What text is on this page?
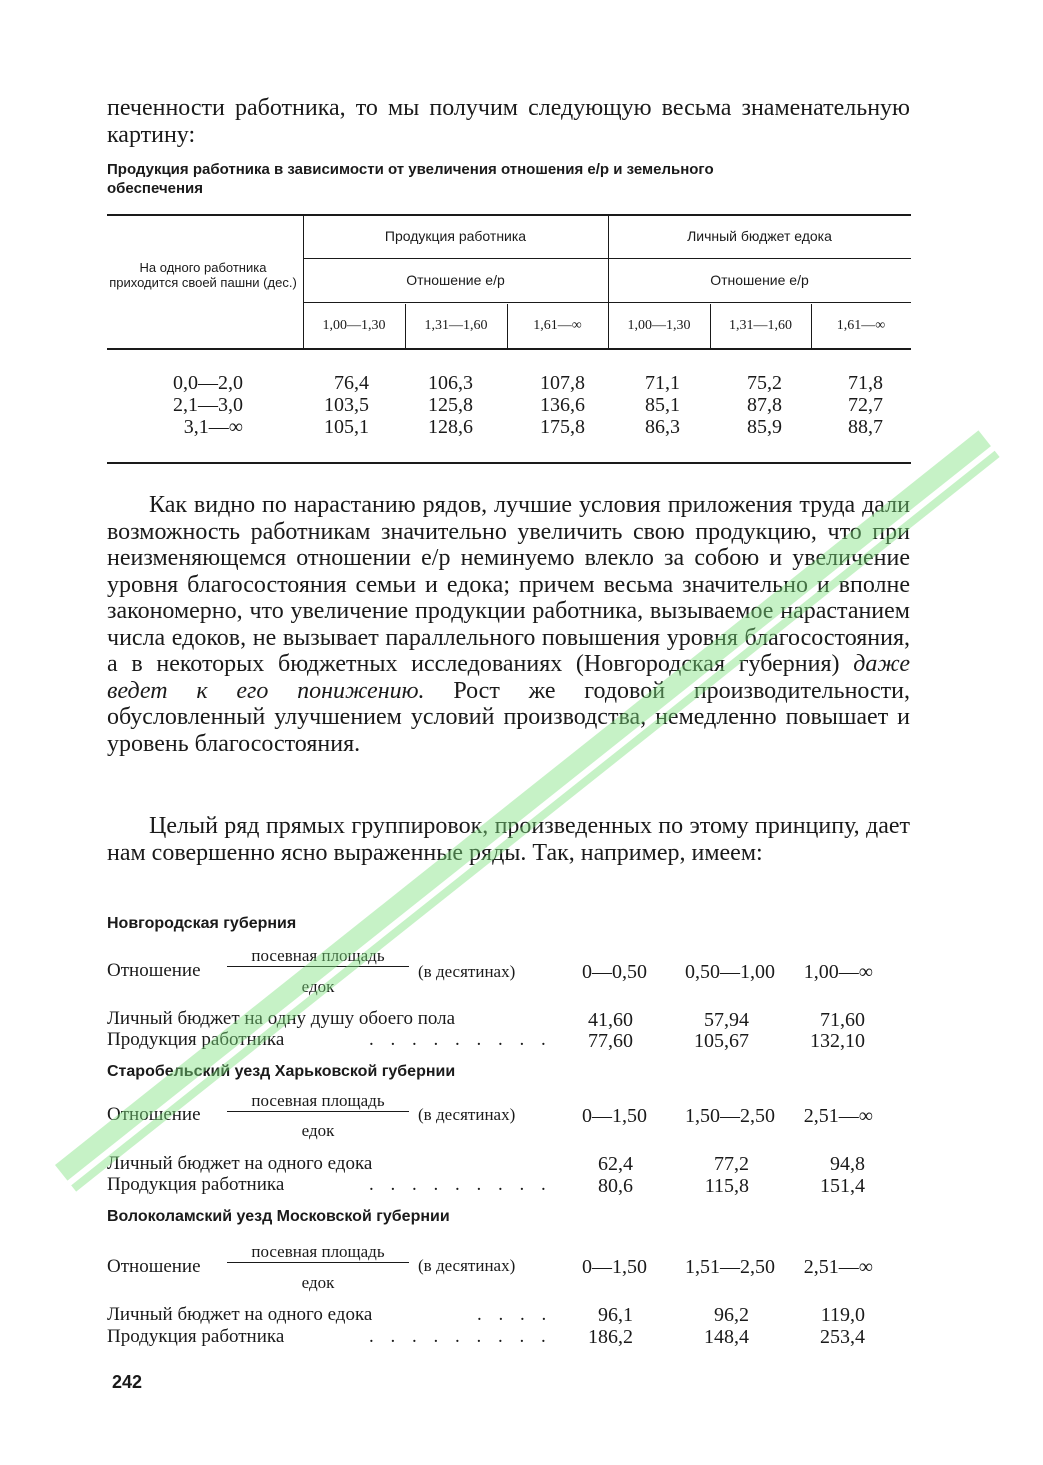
печенности работника, то мы получим следующую весьма знаменательную картину:
Продукция работника в зависимости от увеличения отношения е/р и земельного обеспечения
На одного работника приходится своей пашни (дес.)
Продукция работника	Личный бюджет едока
Отношение е/р	Отношение е/р
1,00—1,30	1,31—1,60	1,61—∞	1,00—1,30	1,31—1,60	1,61—∞
0,0—2,0	76,4	106,3	107,8	71,1	75,2	71,8
2,1—3,0	103,5	125,8	136,6	85,1	87,8	72,7
3,1—∞	105,1	128,6	175,8	86,3	85,9	88,7
Как видно по нарастанию рядов, лучшие условия приложения труда дали возможность работникам значительно увеличить свою продукцию, что при неизменяющемся отношении е/р неминуемо влекло за собою и увеличение уровня благосостояния семьи и едока; причем весьма значительно и вполне закономерно, что увеличение продукции работника, вызываемое нарастанием числа едоков, не вызывает параллельного повышения уровня благосостояния, а в некоторых бюджетных исследованиях (Новгородская губерния) даже ведет к его понижению. Рост же годовой производительности, обусловленный улучшением условий производства, немедленно повышает и уровень благосостояния.
Целый ряд прямых группировок, произведенных по этому принципу, дает нам совершенно ясно выраженные ряды. Так, например, имеем:
Новгородская губерния
Отношение
посевная площадь
едок
(в десятинах)	0—0,50	0,50—1,00	1,00—∞
Личный бюджет на одну душу обоего пола	41,60	57,94	71,60
Продукция работника	. . . . . . . . .	77,60	105,67	132,10
Старобельский уезд Харьковской губернии
Отношение
посевная площадь
едок
(в десятинах)	0—1,50	1,50—2,50	2,51—∞
Личный бюджет на одного едока	62,4	77,2	94,8
Продукция работника	. . . . . . . . .	80,6	115,8	151,4
Волоколамский уезд Московской губернии
Отношение
посевная площадь
едок
(в десятинах)	0—1,50	1,51—2,50	2,51—∞
Личный бюджет на одного едока	. . . .	96,1	96,2	119,0
Продукция работника	. . . . . . . . .	186,2	148,4	253,4
242
